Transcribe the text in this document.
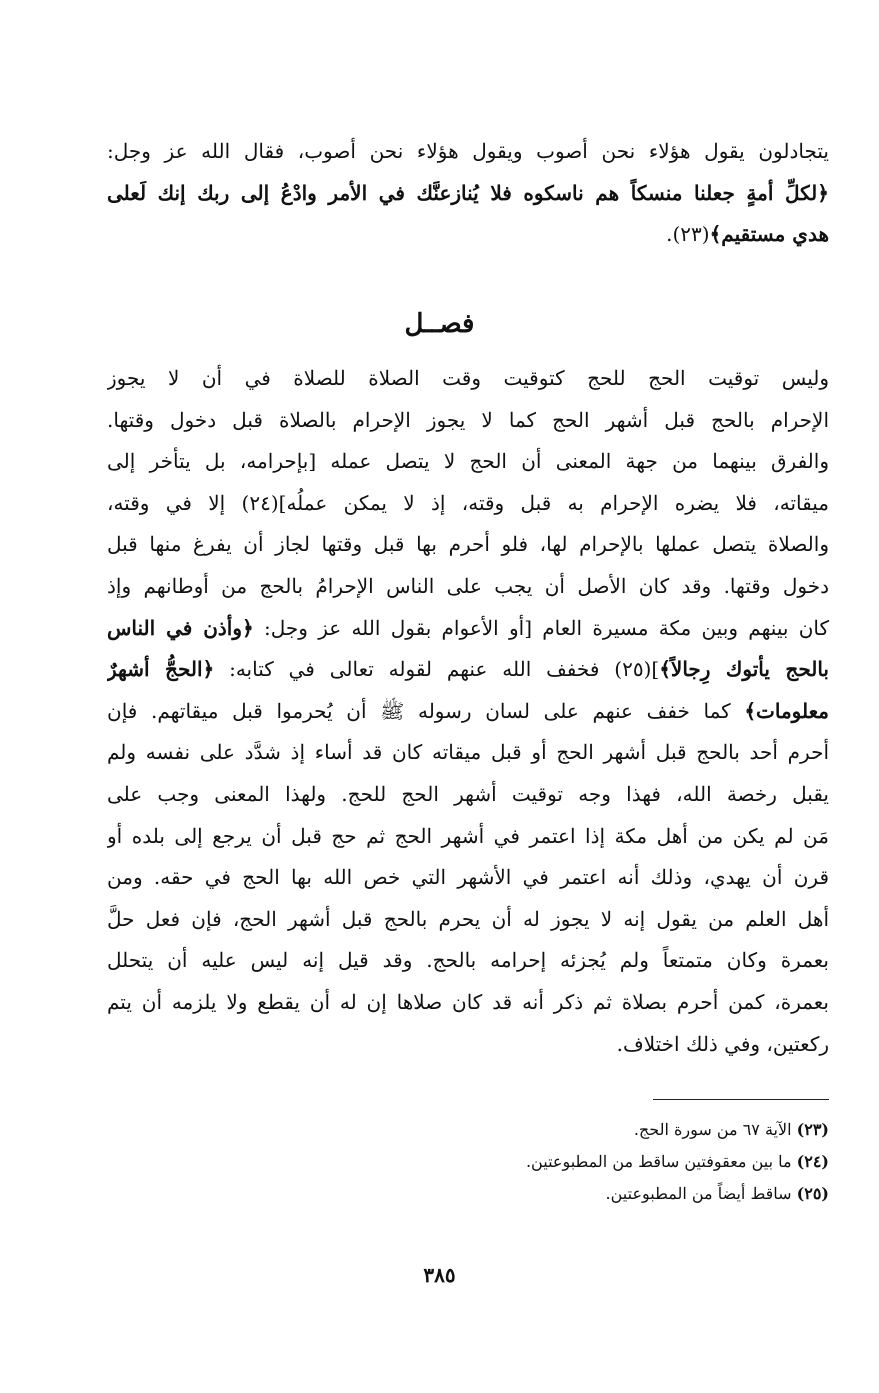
يتجادلون يقول هؤلاء نحن أصوب ويقول هؤلاء نحن أصوب، فقال الله عز وجل:
﴿لكلِّ أمةٍ جعلنا منسكاً هم ناسكوه فلا يُنازعنَّك في الأمر وادْعُ إلى ربك إنك لَعلى
هدي مستقيم﴾(٢٣).
فصــل
وليس توقيت الحج للحج كتوقيت وقت الصلاة للصلاة في أن لا يجوز
الإحرام بالحج قبل أشهر الحج كما لا يجوز الإحرام بالصلاة قبل دخول وقتها.
والفرق بينهما من جهة المعنى أن الحج لا يتصل عمله [بإحرامه، بل يتأخر إلى
ميقاته، فلا يضره الإحرام به قبل وقته، إذ لا يمكن عملُه](٢٤) إلا في وقته،
والصلاة يتصل عملها بالإحرام لها، فلو أحرم بها قبل وقتها لجاز أن يفرغ منها قبل
دخول وقتها. وقد كان الأصل أن يجب على الناس الإحرامُ بالحج من أوطانهم وإذ
كان بينهم وبين مكة مسيرة العام [أو الأعوام بقول الله عز وجل: ﴿وأذن في الناس
بالحج يأتوك رِجالاً﴾](٢٥) فخفف الله عنهم لقوله تعالى في كتابه: ﴿الحجُّ أشهرٌ
معلومات﴾ كما خفف عنهم على لسان رسوله ﷺ أن يُحرموا قبل ميقاتهم. فإن
أحرم أحد بالحج قبل أشهر الحج أو قبل ميقاته كان قد أساء إذ شدَّد على نفسه ولم
يقبل رخصة الله، فهذا وجه توقيت أشهر الحج للحج. ولهذا المعنى وجب على
مَن لم يكن من أهل مكة إذا اعتمر في أشهر الحج ثم حج قبل أن يرجع إلى بلده أو
قرن أن يهدي، وذلك أنه اعتمر في الأشهر التي خص الله بها الحج في حقه. ومن
أهل العلم من يقول إنه لا يجوز له أن يحرم بالحج قبل أشهر الحج، فإن فعل حلَّ
بعمرة وكان متمتعاً ولم يُجزئه إحرامه بالحج. وقد قيل إنه ليس عليه أن يتحلل
بعمرة، كمن أحرم بصلاة ثم ذكر أنه قد كان صلاها إن له أن يقطع ولا يلزمه أن يتم
ركعتين، وفي ذلك اختلاف.
(٢٣) الآية ٦٧ من سورة الحج.
(٢٤) ما بين معقوفتين ساقط من المطبوعتين.
(٢٥) ساقط أيضاً من المطبوعتين.
٣٨٥
